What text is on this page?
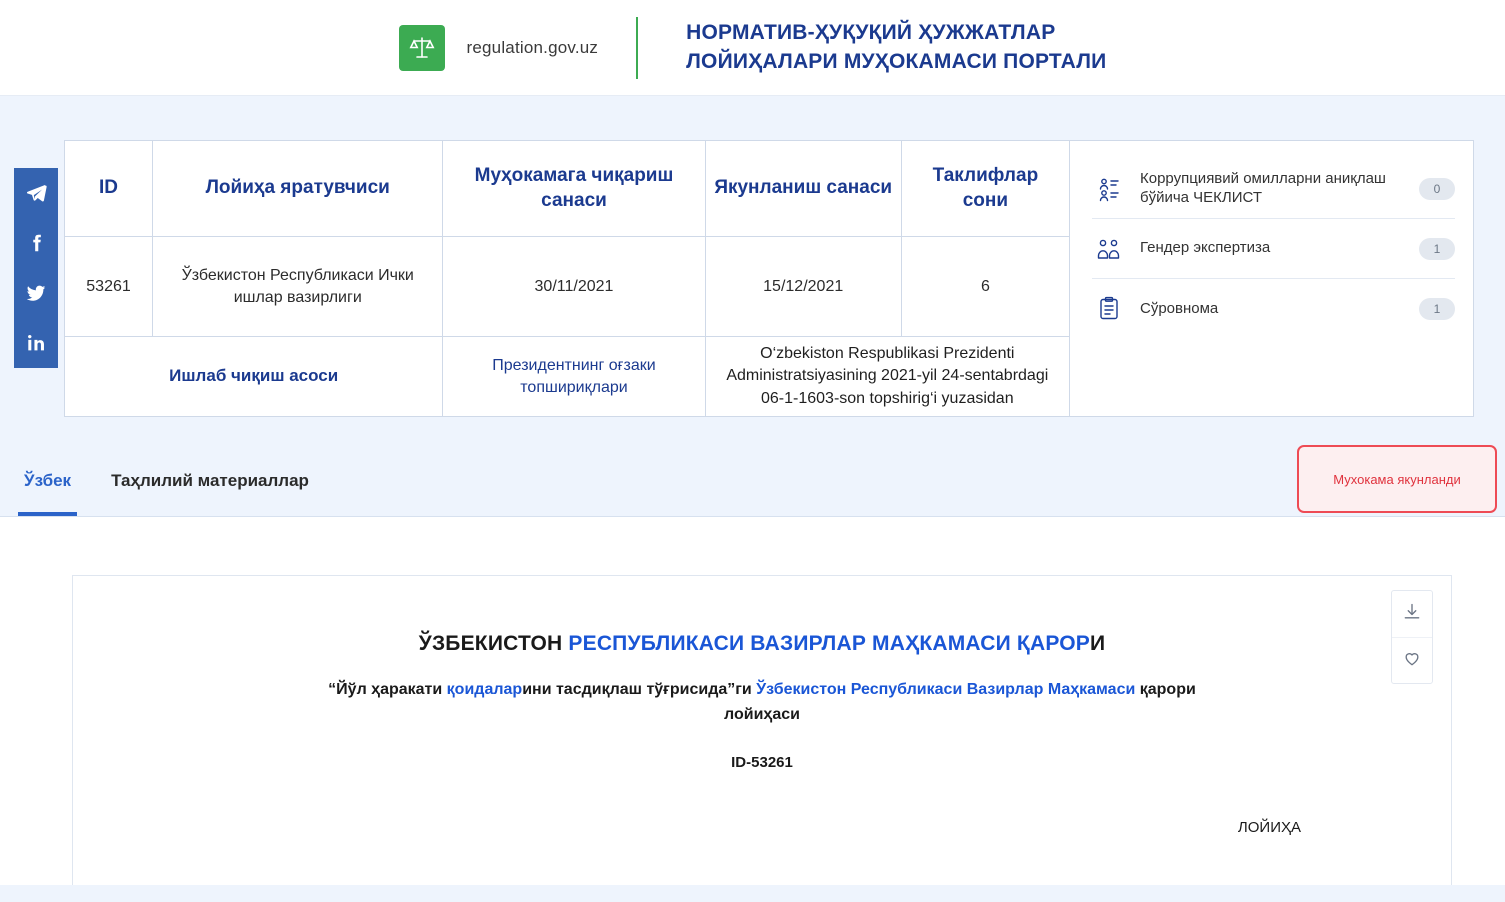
regulation.gov.uz
НОРМАТИВ-ҲУҚУҚИЙ ҲУЖЖАТЛАР
ЛОЙИҲАЛАРИ МУҲОКАМАСИ ПОРТАЛИ
ID	Лойиҳа яратувчиси	Муҳокамага чиқариш санаси	Якунланиш санаси	Таклифлар сони
53261	Ўзбекистон Республикаси Ички ишлар вазирлиги	30/11/2021	15/12/2021	6
Ишлаб чиқиш асоси		Президентнинг оғзаки топшириқлари	O‘zbekiston Respublikasi Prezidenti Administratsiyasining 2021-yil 24-sentabrdagi 06-1-1603-son topshirig‘i yuzasidan	
Коррупциявий омилларни аниқлаш бўйича ЧЕКЛИСТ	0
Гендер экспертиза	1
Сўровнома	1
Ўзбек	Таҳлилий материаллар	Мухокама якунланди
ЎЗБЕКИСТОН РЕСПУБЛИКАСИ ВАЗИРЛАР МАҲКАМАСИ ҚАРОРИ
“Йўл ҳаракати қоидаларини тасдиқлаш тўғрисида”ги Ўзбекистон Республикаси Вазирлар Маҳкамаси қарори лойиҳаси
ID-53261
ЛОЙИҲА
